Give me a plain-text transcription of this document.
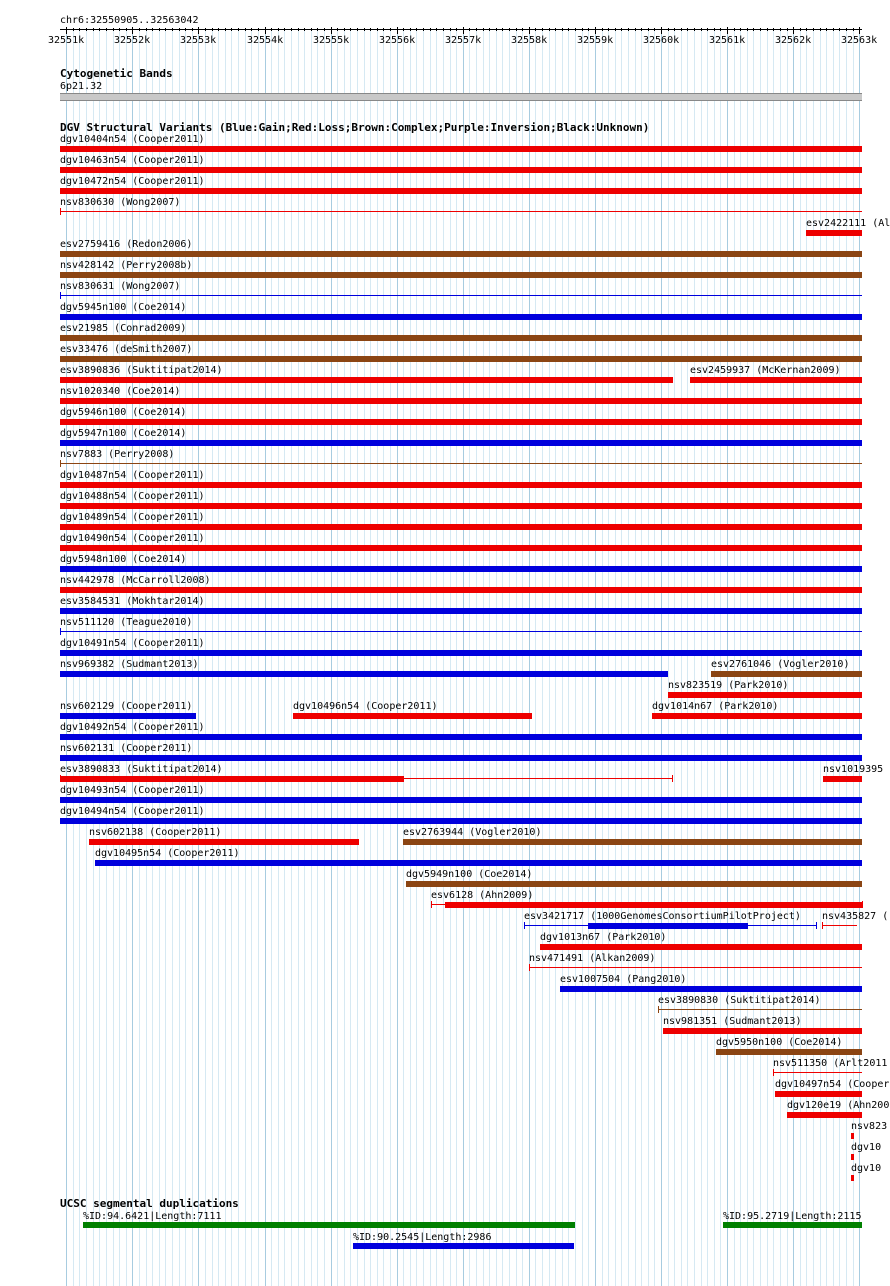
chr6:32550905..32563042
32551k	32552k	32553k	32554k	32555k	32556k	32557k	32558k	32559k	32560k	32561k	32562k	32563k
Cytogenetic Bands
6p21.32
DGV Structural Variants (Blue:Gain;Red:Loss;Brown:Complex;Purple:Inversion;Black:Unknown)
dgv10404n54 (Cooper2011)
dgv10463n54 (Cooper2011)
dgv10472n54 (Cooper2011)
nsv830630 (Wong2007)
esv2422111 (Al
esv2759416 (Redon2006)
nsv428142 (Perry2008b)
nsv830631 (Wong2007)
dgv5945n100 (Coe2014)
esv21985 (Conrad2009)
esv33476 (deSmith2007)
esv3890836 (Suktitipat2014)	esv2459937 (McKernan2009)
nsv1020340 (Coe2014)
dgv5946n100 (Coe2014)
dgv5947n100 (Coe2014)
nsv7883 (Perry2008)
dgv10487n54 (Cooper2011)
dgv10488n54 (Cooper2011)
dgv10489n54 (Cooper2011)
dgv10490n54 (Cooper2011)
dgv5948n100 (Coe2014)
nsv442978 (McCarroll2008)
esv3584531 (Mokhtar2014)
nsv511120 (Teague2010)
dgv10491n54 (Cooper2011)
nsv969382 (Sudmant2013)
nsv823519 (Park2010)
nsv602129 (Cooper2011)	dgv10496n54 (Cooper2011)	dgv1014n67 (Park2010)
dgv10492n54 (Cooper2011)
nsv602131 (Cooper2011)
esv3890833 (Suktitipat2014)
esv2761046 (Vogler2010)
dgv10493n54 (Cooper2011)
dgv10494n54 (Cooper2011)
nsv602138 (Cooper2011)	esv2763944 (Vogler2010)
dgv10495n54 (Cooper2011)
dgv5949n100 (Coe2014)
esv6128 (Ahn2009)
esv3421717 (1000GenomesConsortiumPilotProject)
nsv1019395
dgv1013n67 (Park2010)
nsv471491 (Alkan2009)
esv1007504 (Pang2010)
esv3890830 (Suktitipat2014)
nsv981351 (Sudmant2013)
dgv5950n100 (Coe2014)
nsv511350 (Arlt2011
dgv10497n54 (Cooper
dgv120e19 (Ahn200
nsv435827 (
nsv823
dgv10
dgv10
UCSC segmental duplications
%ID:94.6421|Length:7111	%ID:95.2719|Length:2115
%ID:90.2545|Length:2986
